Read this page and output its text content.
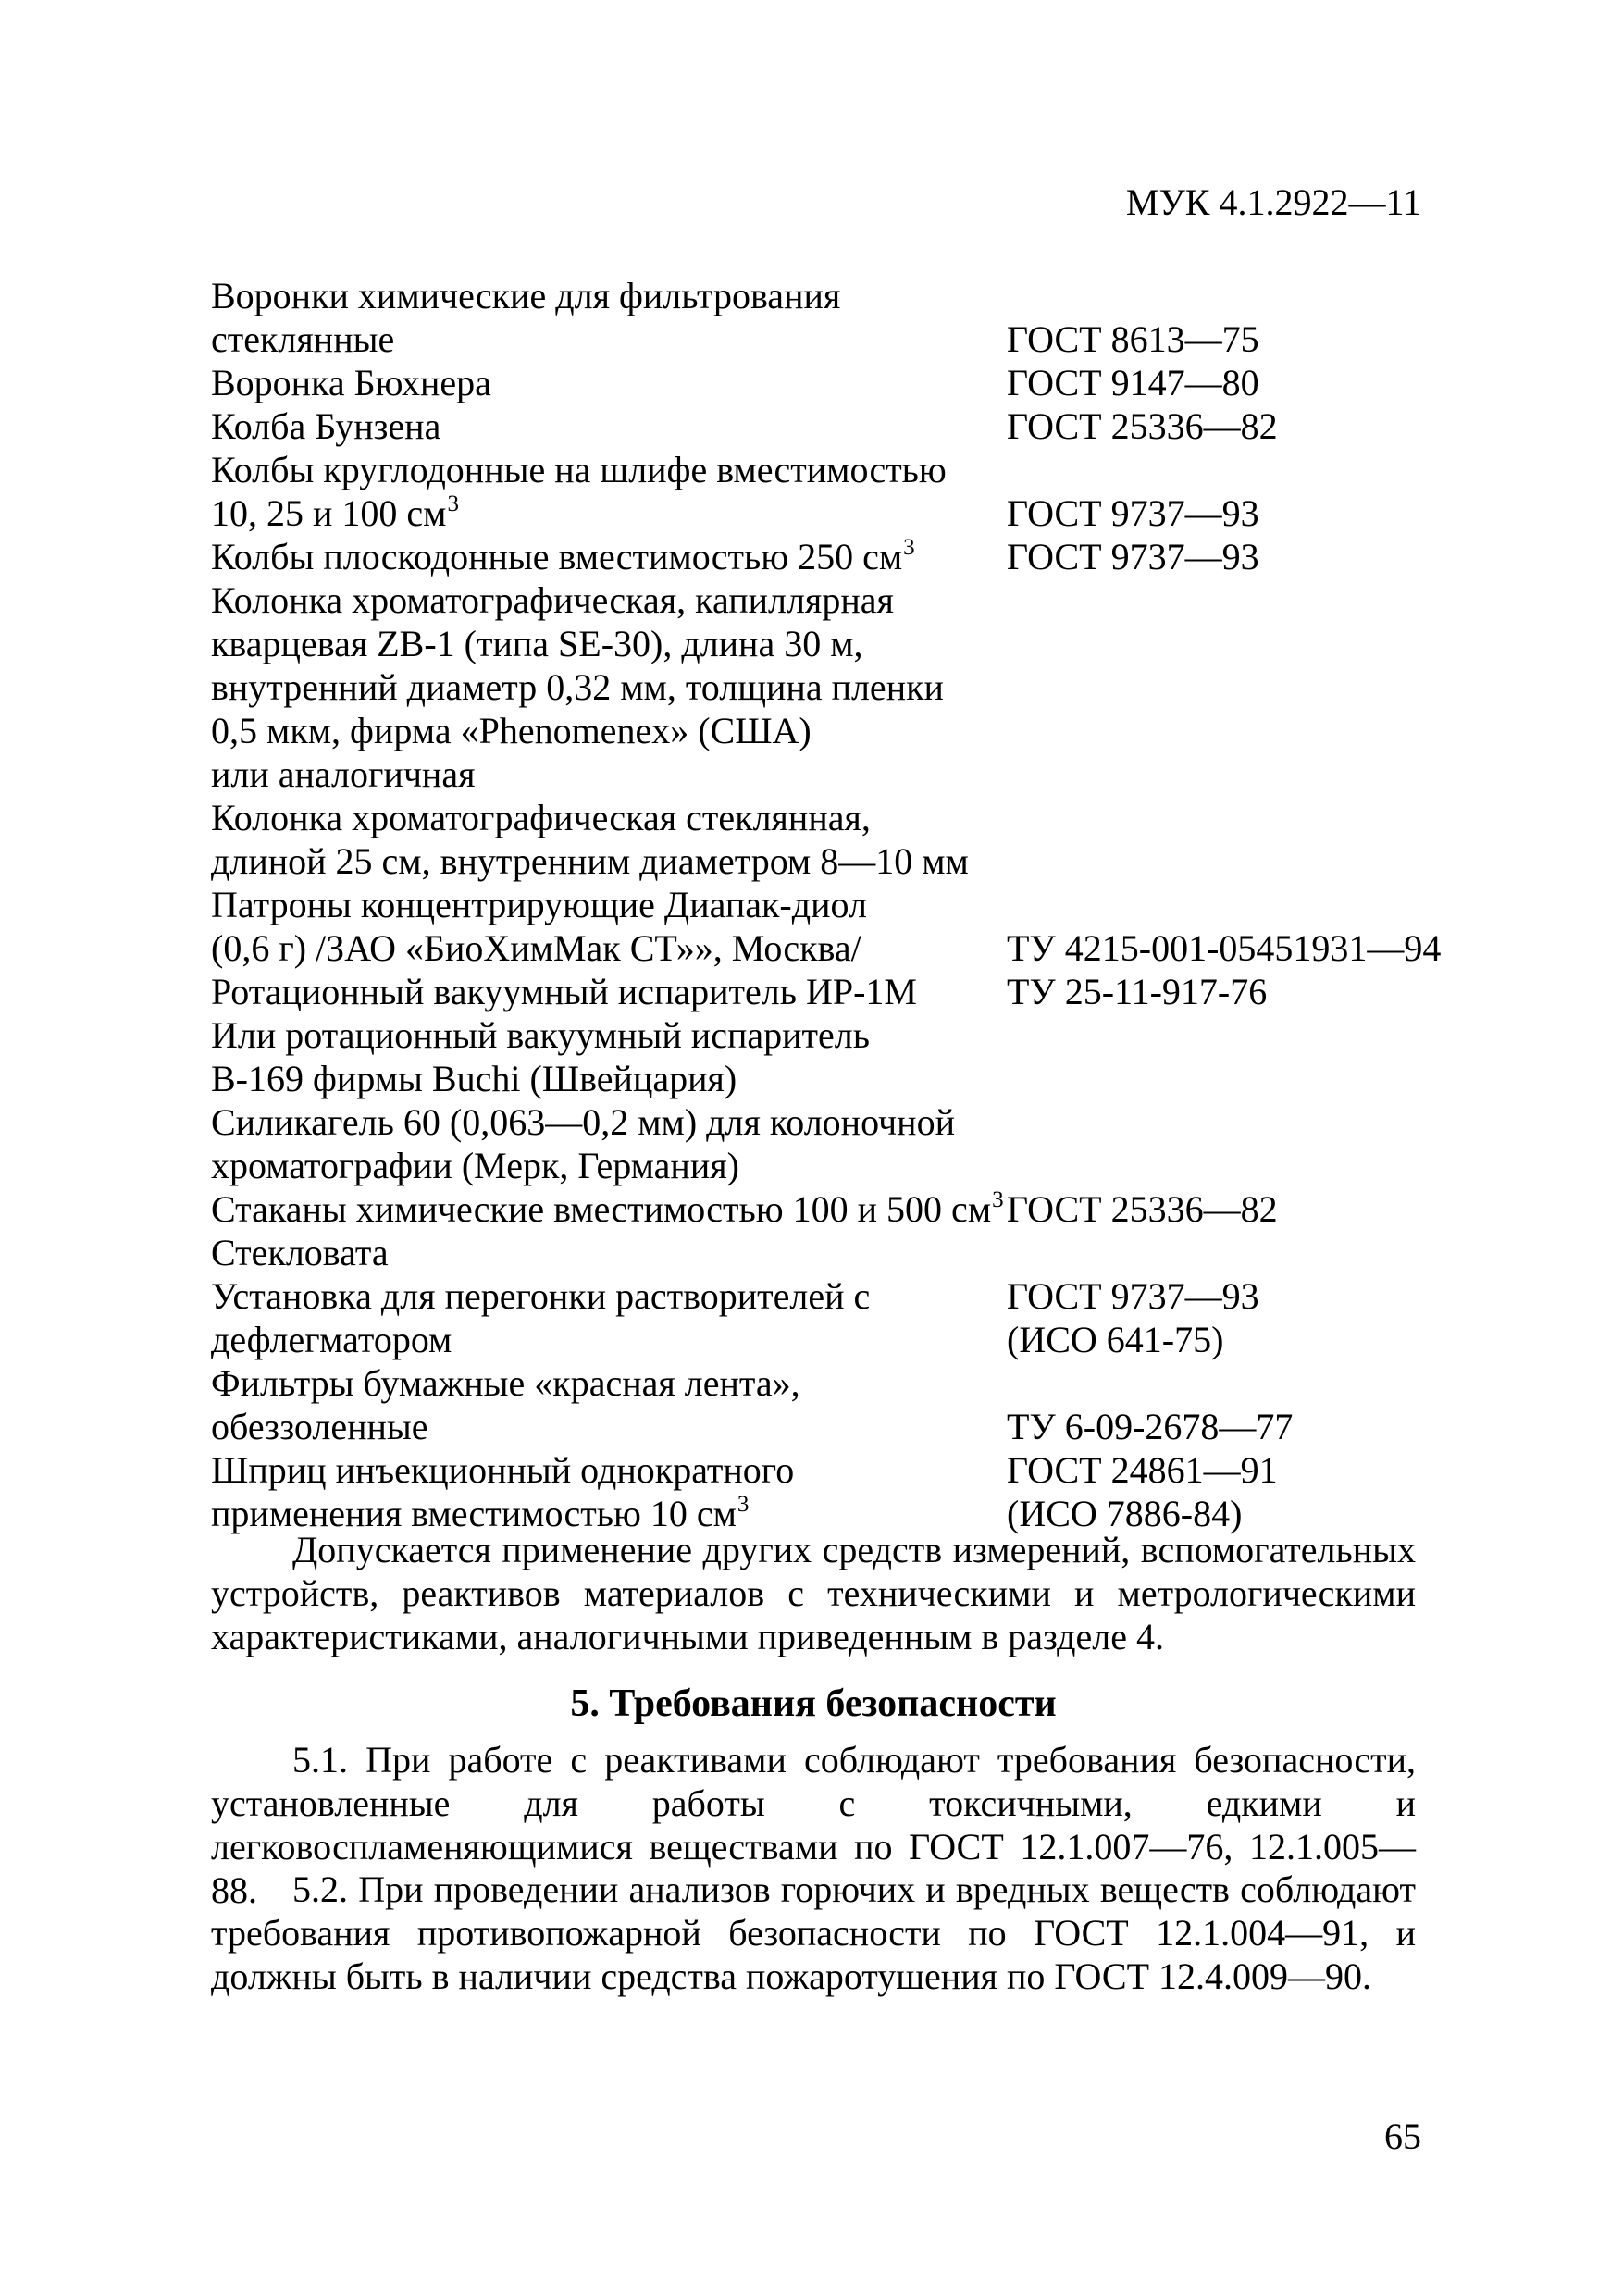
МУК 4.1.2922—11
Воронки химические для фильтрования
стеклянные	ГОСТ 8613—75
Воронка Бюхнера	ГОСТ 9147—80
Колба Бунзена	ГОСТ 25336—82
Колбы круглодонные на шлифе вместимостью
10, 25 и 100 $см^3$	ГОСТ 9737—93
Колбы плоскодонные вместимостью 250 $см^3$	ГОСТ 9737—93
Колонка хроматографическая, капиллярная
кварцевая ZB-1 (типа SE-30), длина 30 м,
внутренний диаметр 0,32 мм, толщина пленки
0,5 мкм, фирма «Phenomenex» (США)
или аналогичная
Колонка хроматографическая стеклянная,
длиной 25 см, внутренним диаметром 8—10 мм
Патроны концентрирующие Диапак-диол
(0,6 г) /ЗАО «БиоХимМак СТ»», Москва/	ТУ 4215-001-05451931—94
Ротационный вакуумный испаритель ИР-1М	ТУ 25-11-917-76
Или ротационный вакуумный испаритель
В-169 фирмы Buchi (Швейцария)
Силикагель 60 (0,063—0,2 мм) для колоночной
хроматографии (Мерк, Германия)
Стаканы химические вместимостью 100 и 500 $см^3$ ГОСТ 25336—82
Стекловата
Установка для перегонки растворителей с	ГОСТ 9737—93
дефлегматором	(ИСО 641-75)
Фильтры бумажные «красная лента»,
обеззоленные	ТУ 6-09-2678—77
Шприц инъекционный однократного	ГОСТ 24861—91
применения вместимостью 10 $см^3$	(ИСО 7886-84)

Допускается применение других средств измерений, вспомогательных устройств, реактивов материалов с техническими и метрологическими характеристиками, аналогичными приведенным в разделе 4.

5. Требования безопасности

5.1. При работе с реактивами соблюдают требования безопасности, установленные для работы с токсичными, едкими и легковоспламеняющимися веществами по ГОСТ 12.1.007—76, 12.1.005—88. 5.2. При проведении анализов горючих и вредных веществ соблюдают требования противопожарной безопасности по ГОСТ 12.1.004—91, и должны быть в наличии средства пожаротушения по ГОСТ 12.4.009—90.

65
